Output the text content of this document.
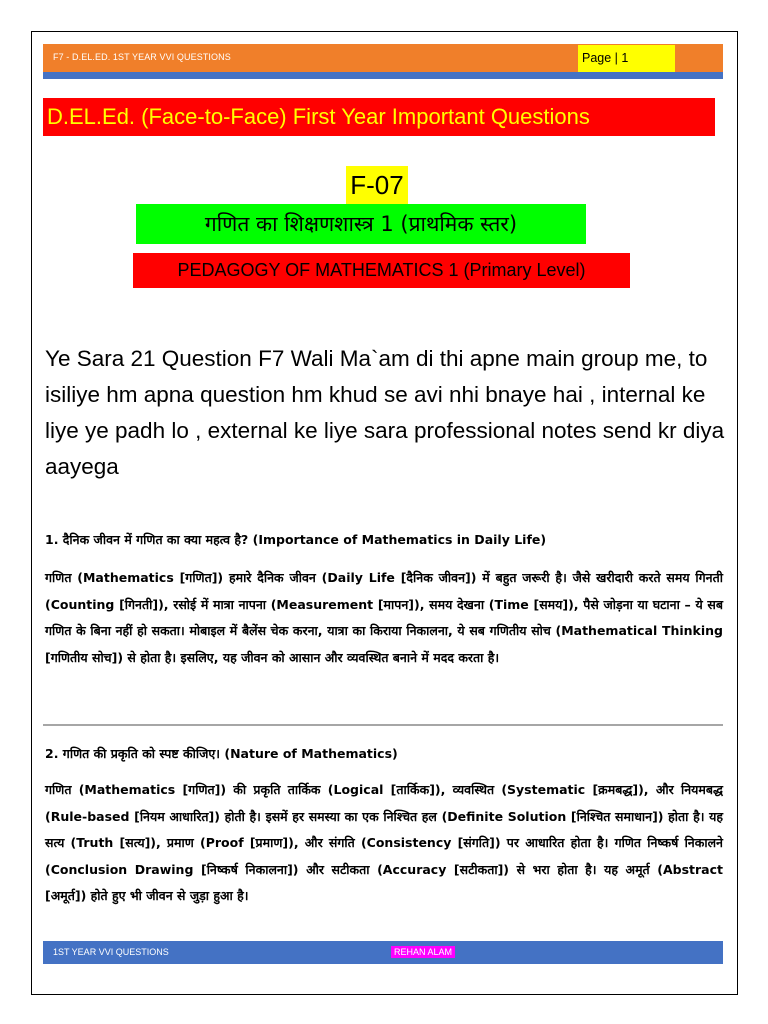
F7 - D.EL.ED. 1ST YEAR VVI QUESTIONS	Page | 1
D.EL.Ed. (Face-to-Face) First Year Important Questions
F-07
गणित का शिक्षणशास्त्र 1 (प्राथमिक स्तर)
PEDAGOGY OF MATHEMATICS 1 (Primary Level)
Ye Sara 21 Question F7 Wali Ma`am di thi apne main group me, to isiliye hm apna question hm khud se avi nhi bnaye hai , internal ke liye ye padh lo , external ke liye sara professional notes send kr diya aayega
1. दैनिक जीवन में गणित का क्या महत्व है? (Importance of Mathematics in Daily Life)
गणित (Mathematics [गणित]) हमारे दैनिक जीवन (Daily Life [दैनिक जीवन]) में बहुत जरूरी है। जैसे खरीदारी करते समय गिनती (Counting [गिनती]), रसोई में मात्रा नापना (Measurement [मापन]), समय देखना (Time [समय]), पैसे जोड़ना या घटाना – ये सब गणित के बिना नहीं हो सकता। मोबाइल में बैलेंस चेक करना, यात्रा का किराया निकालना, ये सब गणितीय सोच (Mathematical Thinking [गणितीय सोच]) से होता है। इसलिए, यह जीवन को आसान और व्यवस्थित बनाने में मदद करता है।
2. गणित की प्रकृति को स्पष्ट कीजिए। (Nature of Mathematics)
गणित (Mathematics [गणित]) की प्रकृति तार्किक (Logical [तार्किक]), व्यवस्थित (Systematic [क्रमबद्ध]), और नियमबद्ध (Rule-based [नियम आधारित]) होती है। इसमें हर समस्या का एक निश्चित हल (Definite Solution [निश्चित समाधान]) होता है। यह सत्य (Truth [सत्य]), प्रमाण (Proof [प्रमाण]), और संगति (Consistency [संगति]) पर आधारित होता है। गणित निष्कर्ष निकालने (Conclusion Drawing [निष्कर्ष निकालना]) और सटीकता (Accuracy [सटीकता]) से भरा होता है। यह अमूर्त (Abstract [अमूर्त]) होते हुए भी जीवन से जुड़ा हुआ है।
1ST YEAR VVI QUESTIONS	REHAN ALAM
